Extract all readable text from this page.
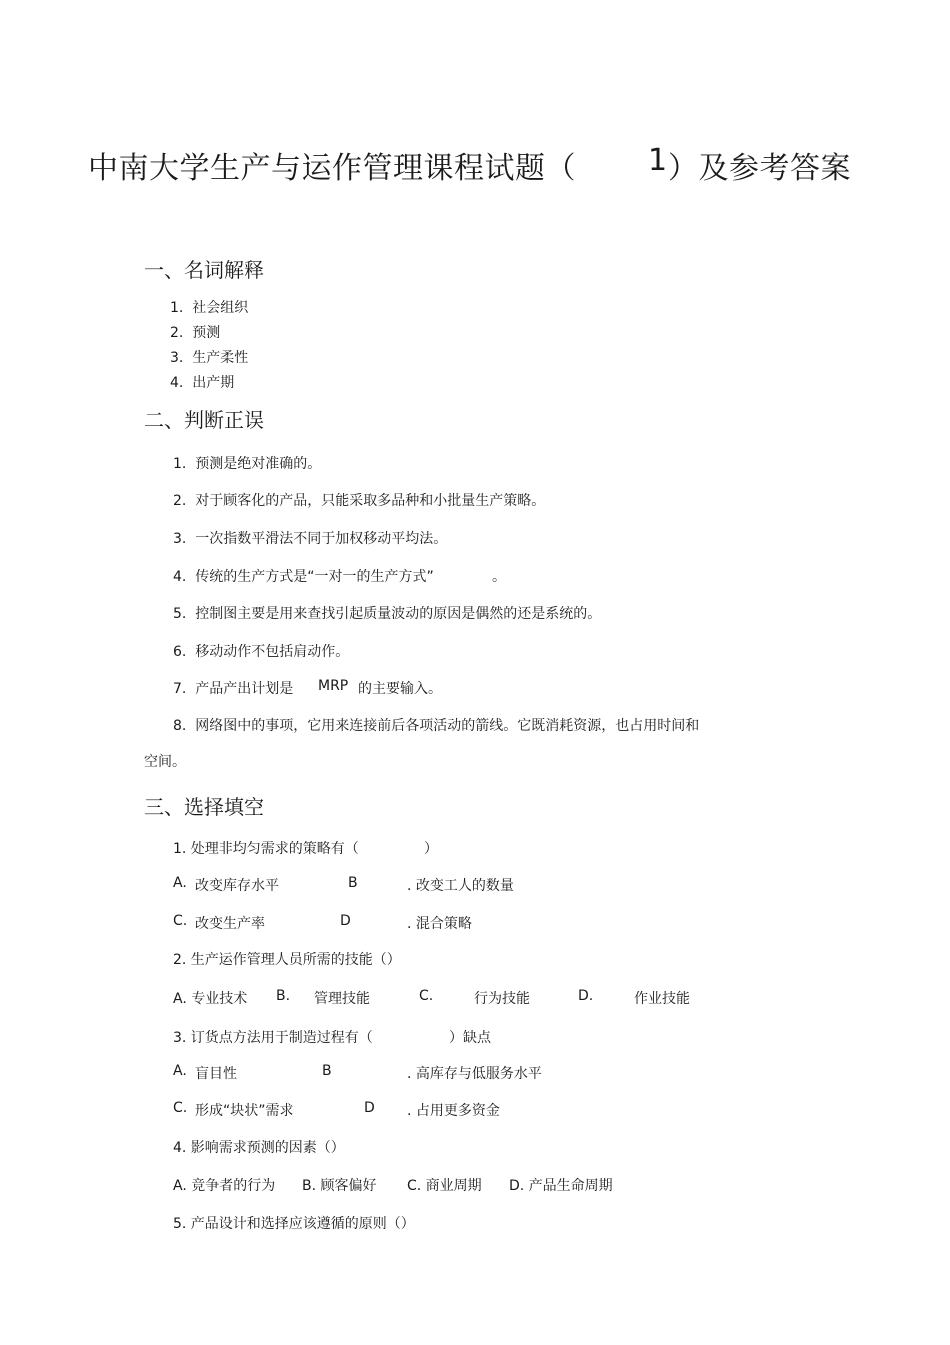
中南大学生产与运作管理课程试题（ 1 ）及参考答案
一、名词解释
1. 社会组织
2. 预测
3. 生产柔性
4. 出产期
二、判断正误
1. 预测是绝对准确的。
2. 对于顾客化的产品，只能采取多品种和小批量生产策略。
3. 一次指数平滑法不同于加权移动平均法。
4. 传统的生产方式是“一对一的生产方式”	。
5. 控制图主要是用来查找引起质量波动的原因是偶然的还是系统的。
6. 移动动作不包括肩动作。
7. 产品产出计划是 MRP 的主要输入。
8. 网络图中的事项，它用来连接前后各项活动的箭线。它既消耗资源，也占用时间和
空间。
三、选择填空
1. 处理非均匀需求的策略有（	）
A. 改变库存水平	B	. 改变工人的数量
C. 改变生产率	D	. 混合策略
2. 生产运作管理人员所需的技能（）
A. 专业技术 B. 管理技能	C.	行为技能	D.	作业技能
3. 订货点方法用于制造过程有（	）缺点
A. 盲目性	B	. 高库存与低服务水平
C. 形成“块状”需求	D . 占用更多资金
4. 影响需求预测的因素（）
A. 竞争者的行为 B. 顾客偏好 C. 商业周期 D. 产品生命周期
5. 产品设计和选择应该遵循的原则（）
